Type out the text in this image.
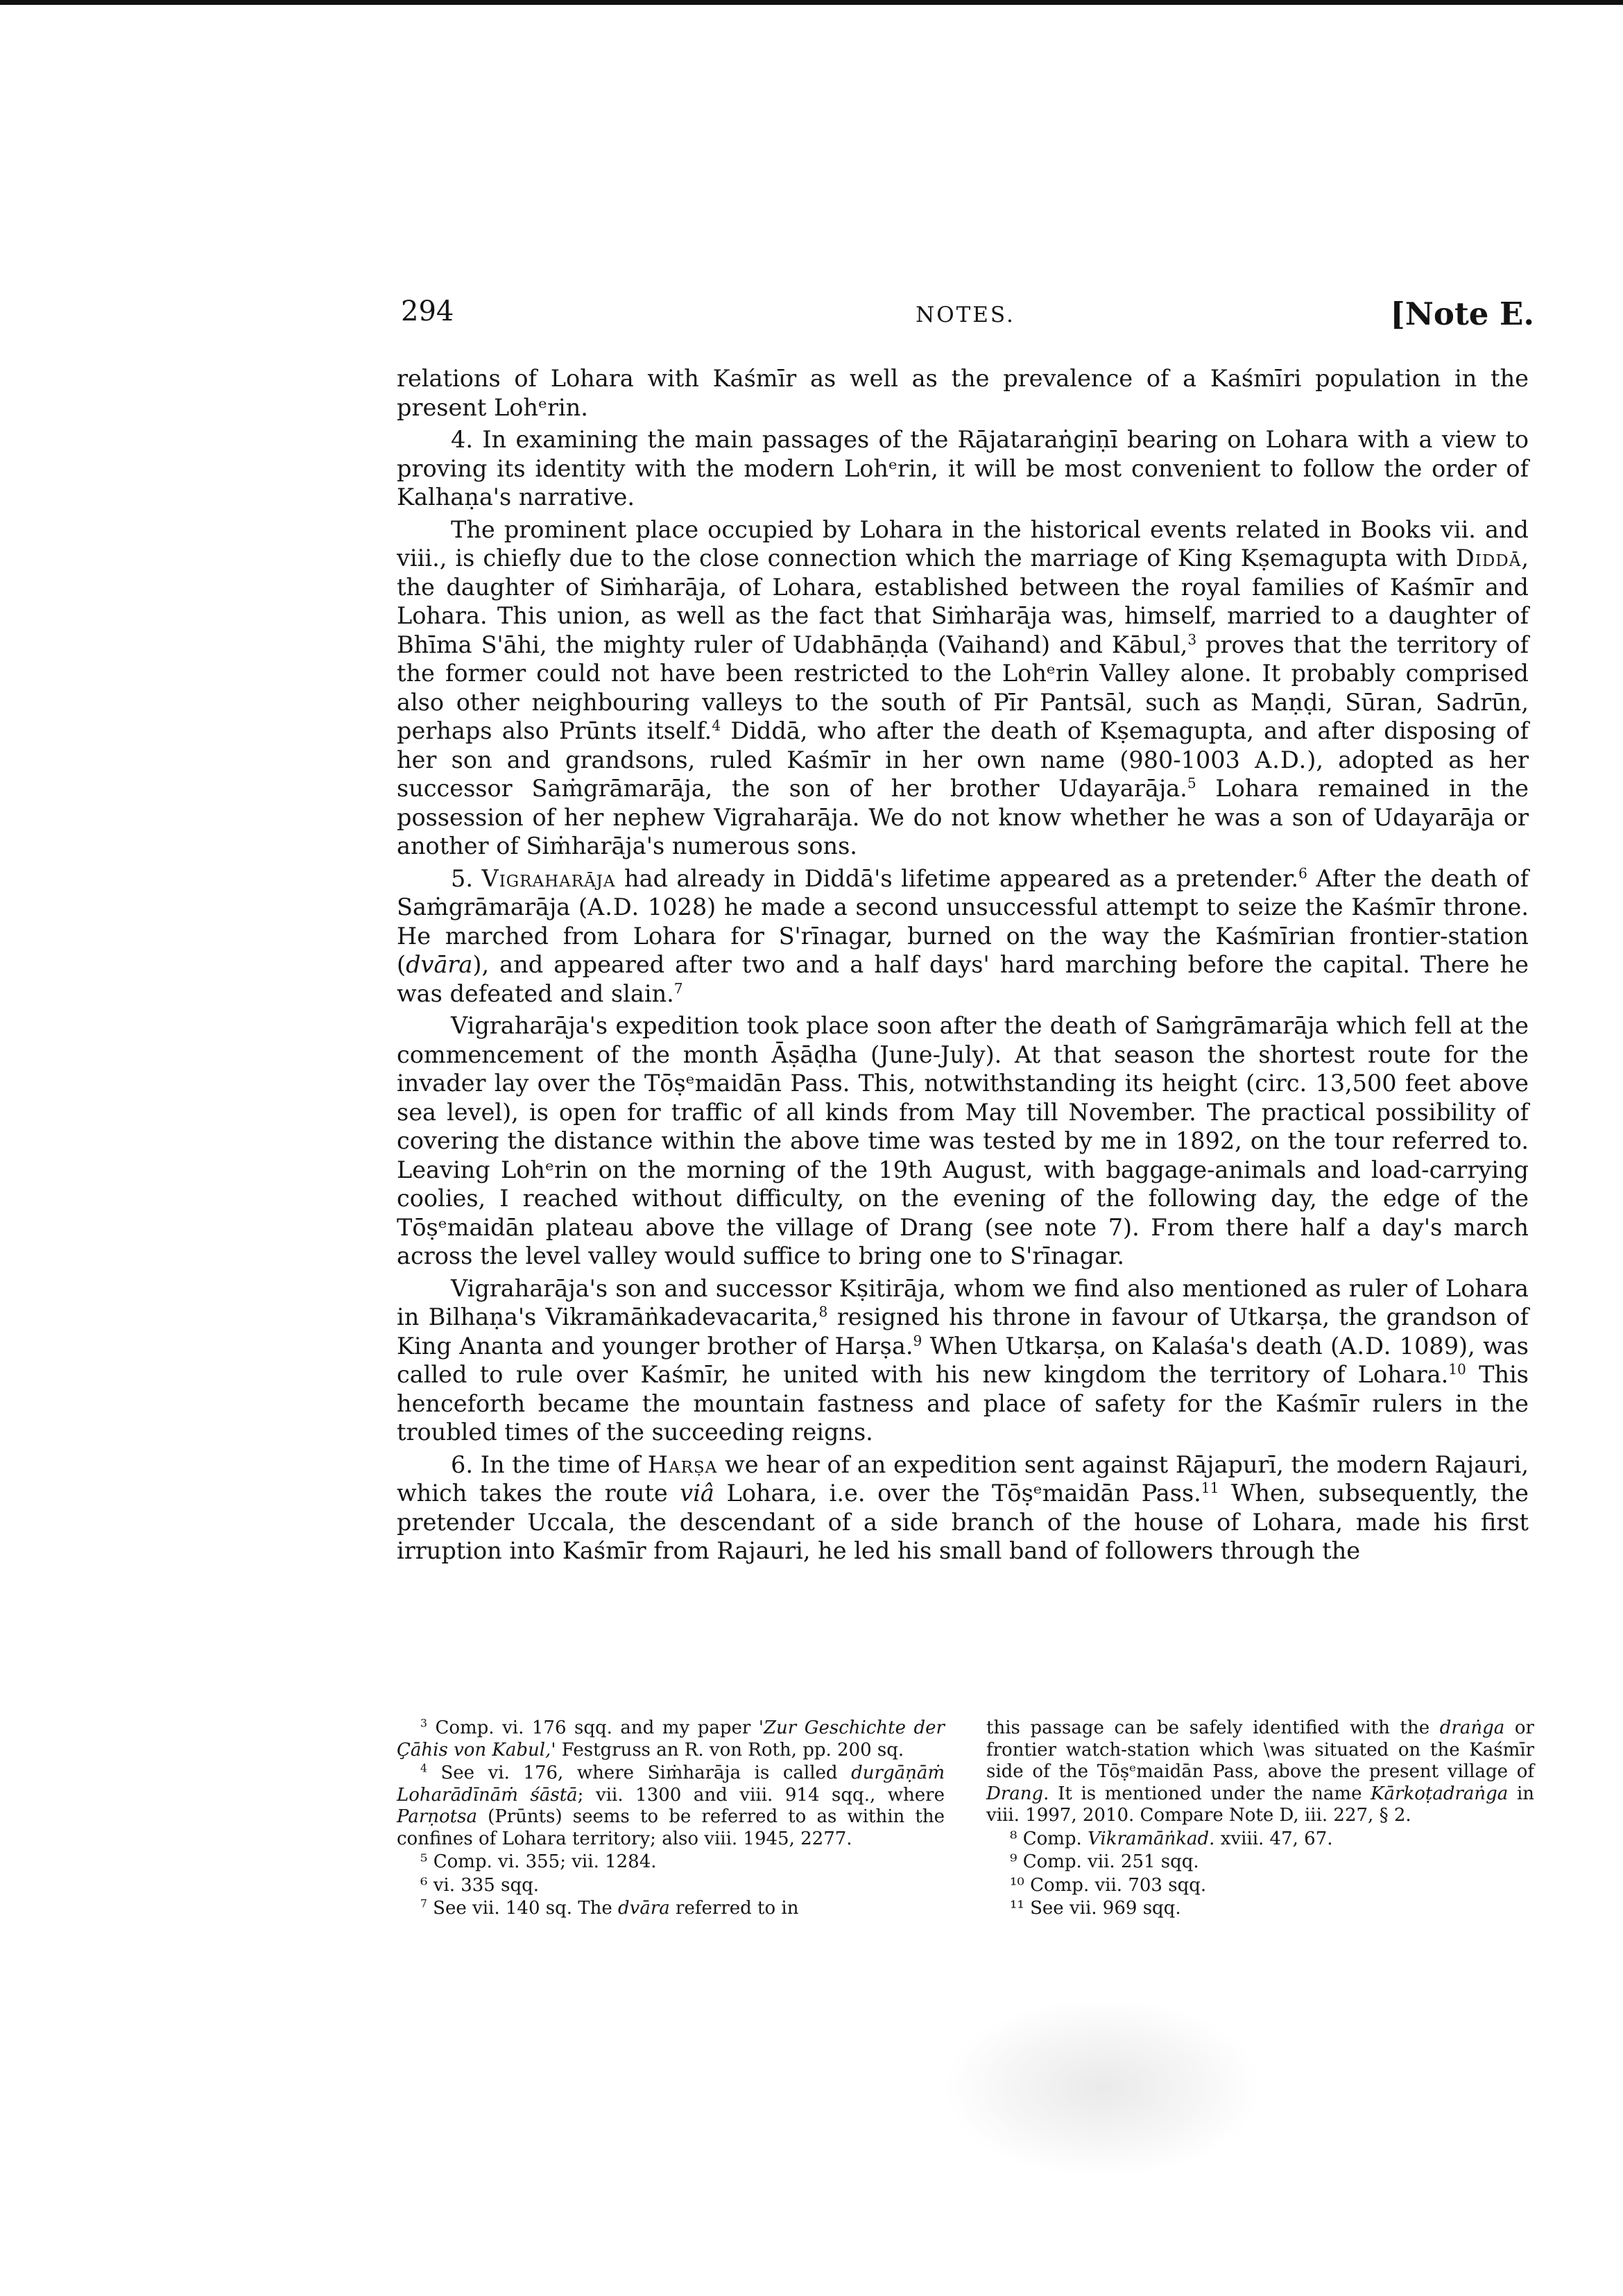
294	NOTES.	[Note E.

relations of Lohara with Kaśmīr as well as the prevalence of a Kaśmīri population in the present Lohᵉrin.

4. In examining the main passages of the Rājataraṅgiṇī bearing on Lohara with a view to proving its identity with the modern Lohᵉrin, it will be most convenient to follow the order of Kalhaṇa's narrative.

The prominent place occupied by Lohara in the historical events related in Books vii. and viii., is chiefly due to the close connection which the marriage of King Kṣemagupta with Diddā, the daughter of Siṁharāja, of Lohara, established between the royal families of Kaśmīr and Lohara. This union, as well as the fact that Siṁharāja was, himself, married to a daughter of Bhīma S'āhi, the mighty ruler of Udabhāṇḍa (Vaihand) and Kābul,$^3$ proves that the territory of the former could not have been restricted to the Lohᵉrin Valley alone. It probably comprised also other neighbouring valleys to the south of Pīr Pantsāl, such as Maṇḍi, Sūran, Sadrūn, perhaps also Prūnts itself.$^4$ Diddā, who after the death of Kṣemagupta, and after disposing of her son and grandsons, ruled Kaśmīr in her own name (980-1003 A.D.), adopted as her successor Saṁgrāmarāja, the son of her brother Udayarāja.$^5$ Lohara remained in the possession of her nephew Vigraharāja. We do not know whether he was a son of Udayarāja or another of Siṁharāja's numerous sons.

5. Vigraharāja had already in Diddā's lifetime appeared as a pretender.$^6$ After the death of Saṁgrāmarāja (A.D. 1028) he made a second unsuccessful attempt to seize the Kaśmīr throne. He marched from Lohara for S'rīnagar, burned on the way the Kaśmīrian frontier-station (dvāra), and appeared after two and a half days' hard marching before the capital. There he was defeated and slain.$^7$

Vigraharāja's expedition took place soon after the death of Saṁgrāmarāja which fell at the commencement of the month Āṣāḍha (June-July). At that season the shortest route for the invader lay over the Tōṣᵉmaidān Pass. This, notwithstanding its height (circ. 13,500 feet above sea level), is open for traffic of all kinds from May till November. The practical possibility of covering the distance within the above time was tested by me in 1892, on the tour referred to. Leaving Lohᵉrin on the morning of the 19th August, with baggage-animals and load-carrying coolies, I reached without difficulty, on the evening of the following day, the edge of the Tōṣᵉmaidān plateau above the village of Drang (see note 7). From there half a day's march across the level valley would suffice to bring one to S'rīnagar.

Vigraharāja's son and successor Kṣitirāja, whom we find also mentioned as ruler of Lohara in Bilhaṇa's Vikramāṅkadevacarita,$^8$ resigned his throne in favour of Utkarṣa, the grandson of King Ananta and younger brother of Harṣa.$^9$ When Utkarṣa, on Kalaśa's death (A.D. 1089), was called to rule over Kaśmīr, he united with his new kingdom the territory of Lohara.$^{10}$ This henceforth became the mountain fastness and place of safety for the Kaśmīr rulers in the troubled times of the succeeding reigns.

6. In the time of Harṣa we hear of an expedition sent against Rājapurī, the modern Rajauri, which takes the route viâ Lohara, i.e. over the Tōṣᵉmaidān Pass.$^{11}$ When, subsequently, the pretender Uccala, the descendant of a side branch of the house of Lohara, made his first irruption into Kaśmīr from Rajauri, he led his small band of followers through the

$^3$ Comp. vi. 176 sqq. and my paper 'Zur Geschichte der Çāhis von Kabul,' Festgruss an R. von Roth, pp. 200 sq.

$^4$ See vi. 176, where Siṁharāja is called durgāṇāṁ Loharādīnāṁ śāstā; vii. 1300 and viii. 914 sqq., where Parṇotsa (Prūnts) seems to be referred to as within the confines of Lohara territory; also viii. 1945, 2277.

⁵ Comp. vi. 355; vii. 1284.

⁶ vi. 335 sqq.

$^7$ See vii. 140 sq. The dvāra referred to in

this passage can be safely identified with the draṅga or frontier watch-station which \was situated on the Kaśmīr side of the Tōṣᵉmaidān Pass, above the present village of Drang. It is mentioned under the name Kārkoṭadraṅga in viii. 1997, 2010. Compare Note D, iii. 227, § 2.

⁸ Comp. Vikramāṅkad. xviii. 47, 67.

⁹ Comp. vii. 251 sqq.

¹⁰ Comp. vii. 703 sqq.

¹¹ See vii. 969 sqq.
